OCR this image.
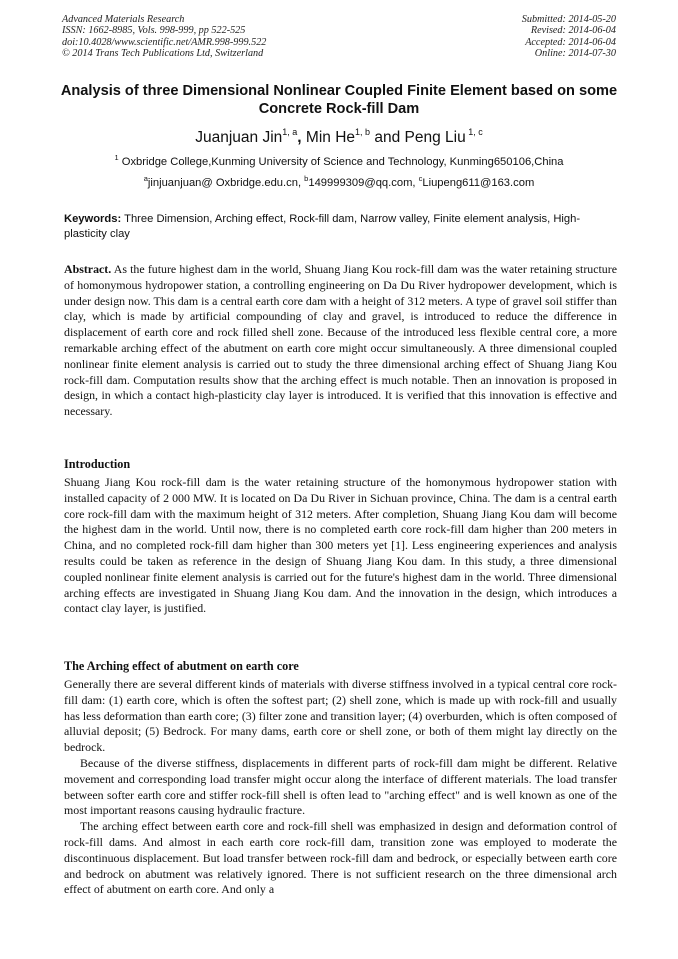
Advanced Materials Research
ISSN: 1662-8985, Vols. 998-999, pp 522-525
doi:10.4028/www.scientific.net/AMR.998-999.522
© 2014 Trans Tech Publications Ltd, Switzerland
Submitted: 2014-05-20
Revised: 2014-06-04
Accepted: 2014-06-04
Online: 2014-07-30
Analysis of three Dimensional Nonlinear Coupled Finite Element based on some Concrete Rock-fill Dam
Juanjuan Jin$^{1, a}$, Min He$^{1, b}$ and Peng Liu $^{1, c}$
$^1$ Oxbridge College,Kunming University of Science and Technology, Kunming650106,China
$^a$jinjuanjuan@ Oxbridge.edu.cn, $^b$149999309@qq.com, $^c$Liupeng611@163.com
Keywords: Three Dimension, Arching effect, Rock-fill dam, Narrow valley, Finite element analysis, High-plasticity clay

Abstract. As the future highest dam in the world, Shuang Jiang Kou rock-fill dam was the water retaining structure of homonymous hydropower station, a controlling engineering on Da Du River hydropower development, which is under design now. This dam is a central earth core dam with a height of 312 meters. A type of gravel soil stiffer than clay, which is made by artificial compounding of clay and gravel, is introduced to reduce the difference in displacement of earth core and rock filled shell zone. Because of the introduced less flexible central core, a more remarkable arching effect of the abutment on earth core might occur simultaneously. A three dimensional coupled nonlinear finite element analysis is carried out to study the three dimensional arching effect of Shuang Jiang Kou rock-fill dam. Computation results show that the arching effect is much notable. Then an innovation is proposed in design, in which a contact high-plasticity clay layer is introduced. It is verified that this innovation is effective and necessary.

Introduction

Shuang Jiang Kou rock-fill dam is the water retaining structure of the homonymous hydropower station with installed capacity of 2 000 MW. It is located on Da Du River in Sichuan province, China. The dam is a central earth core rock-fill dam with the maximum height of 312 meters. After completion, Shuang Jiang Kou dam will become the highest dam in the world. Until now, there is no completed earth core rock-fill dam higher than 200 meters in China, and no completed rock-fill dam higher than 300 meters yet [1]. Less engineering experiences and analysis results could be taken as reference in the design of Shuang Jiang Kou dam. In this study, a three dimensional coupled nonlinear finite element analysis is carried out for the future's highest dam in the world. Three dimensional arching effects are investigated in Shuang Jiang Kou dam. And the innovation in the design, which introduces a contact clay layer, is justified.

The Arching effect of abutment on earth core

Generally there are several different kinds of materials with diverse stiffness involved in a typical central core rock-fill dam: (1) earth core, which is often the softest part; (2) shell zone, which is made up with rock-fill and usually has less deformation than earth core; (3) filter zone and transition layer; (4) overburden, which is often composed of alluvial deposit; (5) Bedrock. For many dams, earth core or shell zone, or both of them might lay directly on the bedrock.

Because of the diverse stiffness, displacements in different parts of rock-fill dam might be different. Relative movement and corresponding load transfer might occur along the interface of different materials. The load transfer between softer earth core and stiffer rock-fill shell is often lead to "arching effect" and is well known as one of the most important reasons causing hydraulic fracture.

The arching effect between earth core and rock-fill shell was emphasized in design and deformation control of rock-fill dams. And almost in each earth core rock-fill dam, transition zone was employed to moderate the discontinuous displacement. But load transfer between rock-fill dam and bedrock, or especially between earth core and bedrock on abutment was relatively ignored. There is not sufficient research on the three dimensional arch effect of abutment on earth core. And only a
